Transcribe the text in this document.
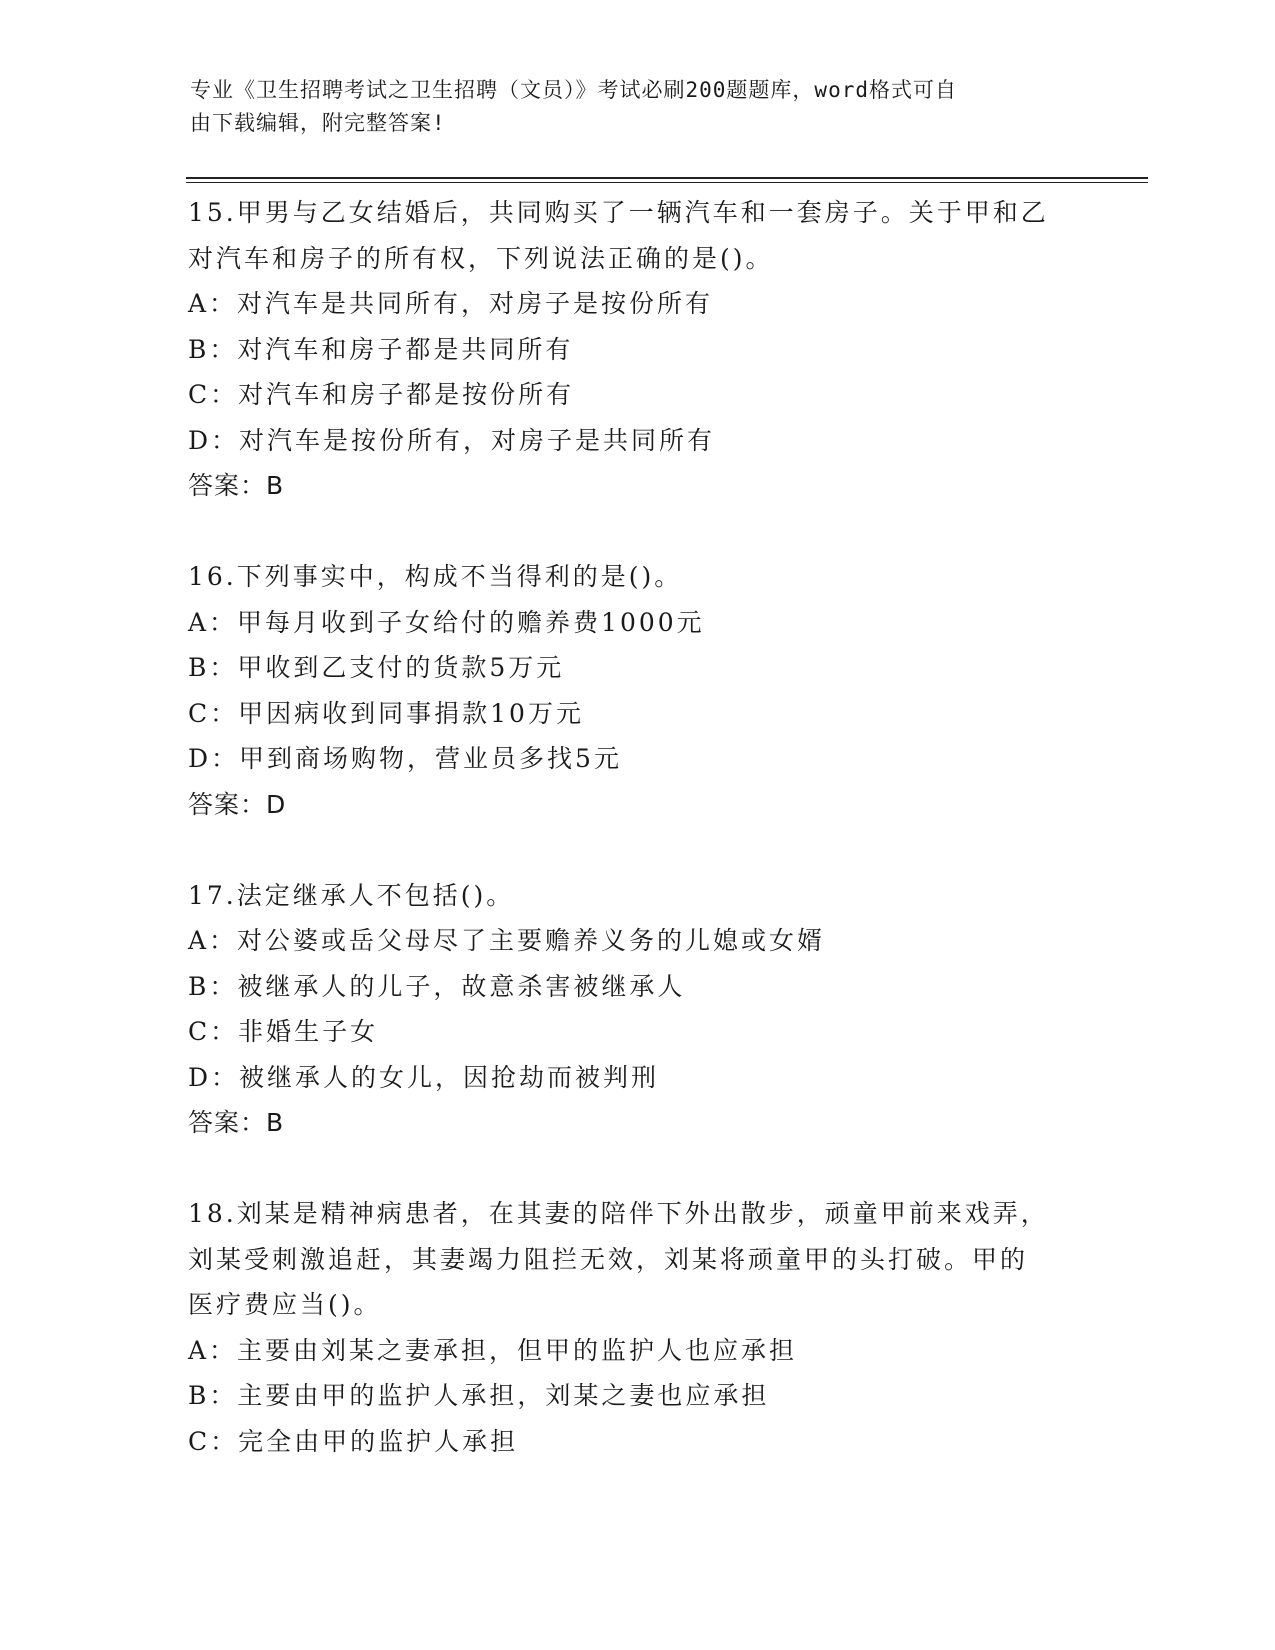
专业《卫生招聘考试之卫生招聘（文员）》考试必刷200题题库，word格式可自
由下载编辑，附完整答案!
15.甲男与乙女结婚后，共同购买了一辆汽车和一套房子。关于甲和乙
对汽车和房子的所有权，下列说法正确的是()。
A：对汽车是共同所有，对房子是按份所有
B：对汽车和房子都是共同所有
C：对汽车和房子都是按份所有
D：对汽车是按份所有，对房子是共同所有
答案：B
16.下列事实中，构成不当得利的是()。
A：甲每月收到子女给付的赡养费1000元
B：甲收到乙支付的货款5万元
C：甲因病收到同事捐款10万元
D：甲到商场购物，营业员多找5元
答案：D
17.法定继承人不包括()。
A：对公婆或岳父母尽了主要赡养义务的儿媳或女婿
B：被继承人的儿子，故意杀害被继承人
C：非婚生子女
D：被继承人的女儿，因抢劫而被判刑
答案：B
18.刘某是精神病患者，在其妻的陪伴下外出散步，顽童甲前来戏弄，
刘某受刺激追赶，其妻竭力阻拦无效，刘某将顽童甲的头打破。甲的
医疗费应当()。
A：主要由刘某之妻承担，但甲的监护人也应承担
B：主要由甲的监护人承担，刘某之妻也应承担
C：完全由甲的监护人承担
